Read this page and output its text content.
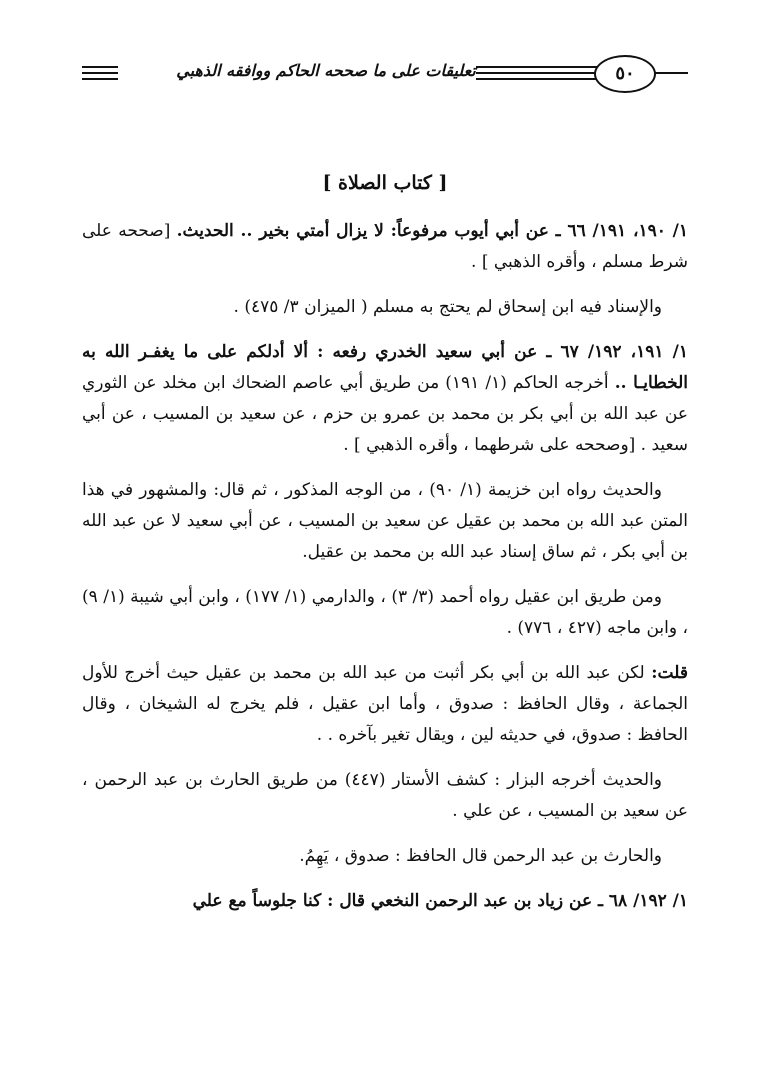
تعليقات على ما صححه الحاكم ووافقه الذهبي	٥٠
[ كتاب الصلاة ]

١/ ١٩٠، ١٩١/ ٦٦ ـ عن أبي أيوب مرفوعاً: لا يزال أمتي بخير .. الحديث. [صححه على شرط مسلم ، وأقره الذهبي ] .

والإسناد فيه ابن إسحاق لم يحتج به مسلم ( الميزان ٣/ ٤٧٥) .

١/ ١٩١، ١٩٢/ ٦٧ ـ عن أبي سعيد الخدري رفعه : ألا أدلكم على ما يغفـر الله به الخطايـا .. أخرجه الحاكم (١/ ١٩١) من طريق أبي عاصم الضحاك ابن مخلد عن الثوري عن عبد الله بن أبي بكر بن محمد بن عمرو بن حزم ، عن سعيد بن المسيب ، عن أبي سعيد . [وصححه على شرطهما ، وأقره الذهبي ] .

والحديث رواه ابن خزيمة (١/ ٩٠) ، من الوجه المذكور ، ثم قال: والمشهور في هذا المتن عبد الله بن محمد بن عقيل عن سعيد بن المسيب ، عن أبي سعيد لا عن عبد الله بن أبي بكر ، ثم ساق إسناد عبد الله بن محمد بن عقيل.

ومن طريق ابن عقيل رواه أحمد (٣/ ٣) ، والدارمي (١/ ١٧٧) ، وابن أبي شيبة (١/ ٩) ، وابن ماجه (٤٢٧ ، ٧٧٦) .

قلت: لكن عبد الله بن أبي بكر أثبت من عبد الله بن محمد بن عقيل حيث أخرج للأول الجماعة ، وقال الحافظ : صدوق ، وأما ابن عقيل ، فلم يخرج له الشيخان ، وقال الحافظ : صدوق، في حديثه لين ، ويقال تغير بآخره . .

والحديث أخرجه البزار : كشف الأستار (٤٤٧) من طريق الحارث بن عبد الرحمن ، عن سعيد بن المسيب ، عن علي .

والحارث بن عبد الرحمن قال الحافظ : صدوق ، يَهِمُ.

١/ ١٩٢/ ٦٨ ـ عن زياد بن عبد الرحمن النخعي قال : كنا جلوساً مع علي
